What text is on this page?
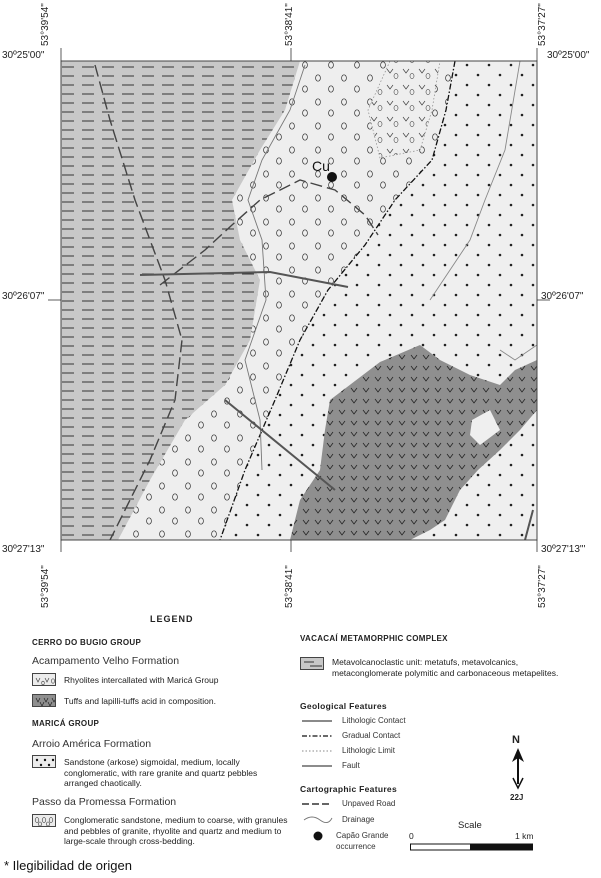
Cu
53°39'54"	53°38'41"	53°37'27"
53°39'54"	53°38'41"	53°37'27"
30º25'00"	30º25'00"
30º26'07"	30º26'07"
30º27'13"	30º27'13"'
LEGEND
CERRO DO BUGIO GROUP
Acampamento Velho Formation
Rhyolites intercallated with Maricá Group
Tuffs and lapilli-tuffs acid in composition.
MARICÁ GROUP
Arroio América Formation
Sandstone (arkose) sigmoidal, medium, locally conglomeratic, with rare granite and quartz pebbles arranged chaotically.
Passo da Promessa Formation
Conglomeratic sandstone, medium to coarse, with granules and pebbles of granite, rhyolite and quartz and medium to large-scale through cross-bedding.
VACACAÍ METAMORPHIC COMPLEX
Metavolcanoclastic unit: metatufs, metavolcanics, metaconglomerate polymitic and carbonaceous metapelites.
Geological Features
Lithologic Contact
Gradual Contact
Lithologic Limit
Fault
Cartographic Features
Unpaved Road
Drainage
Capão Grande
occurrence
N
22J
Scale
0	1 km
* Ilegibilidad de origen
